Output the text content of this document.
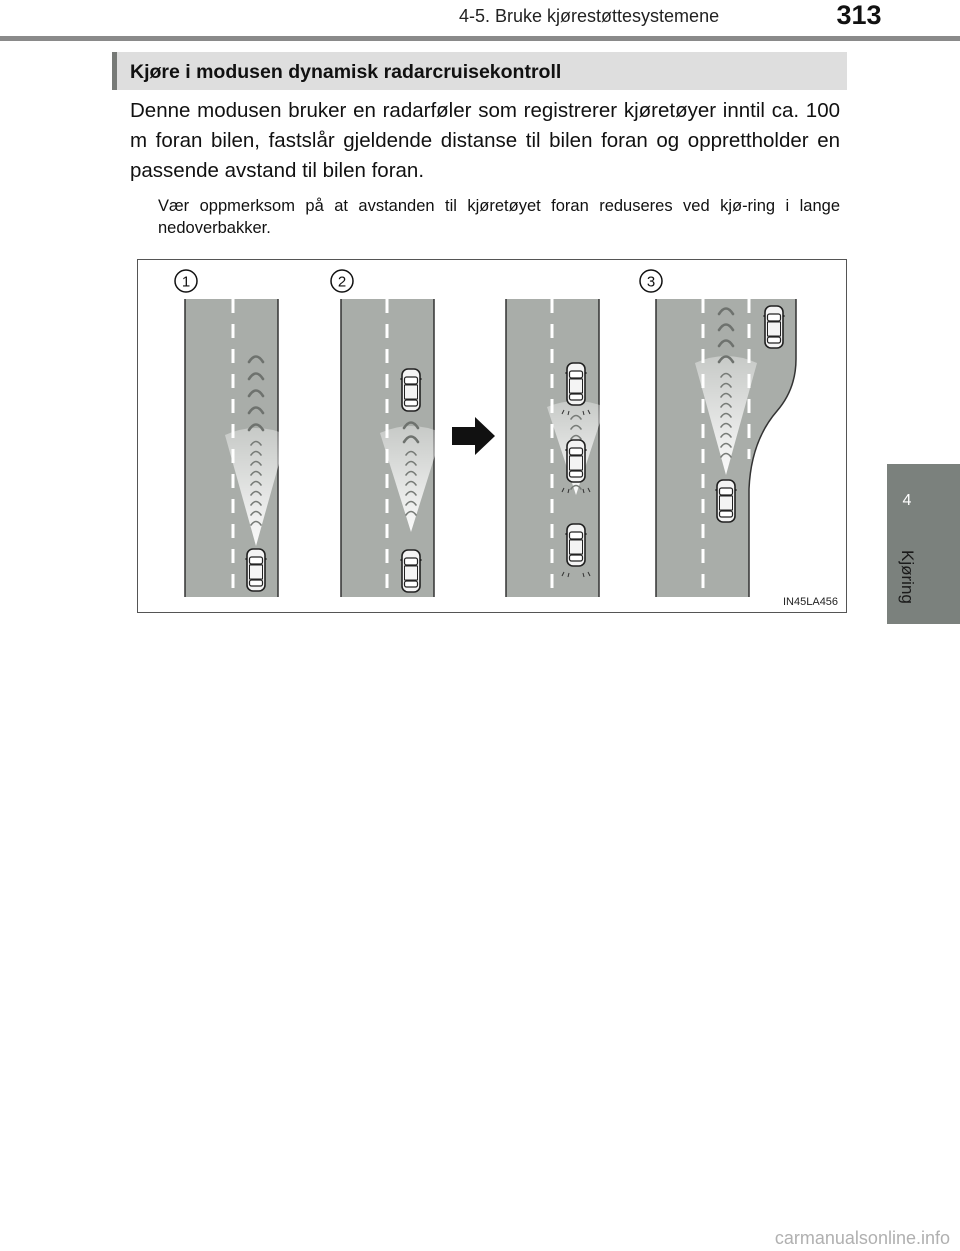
4-5. Bruke kjørestøttesystemene	313
4
Kjøring
Kjøre i modusen dynamisk radarcruisekontroll
Denne modusen bruker en radarføler som registrerer kjøretøyer inntil ca. 100 m foran bilen, fastslår gjeldende distanse til bilen foran og opprettholder en passende avstand til bilen foran.
Vær oppmerksom på at avstanden til kjøretøyet foran reduseres ved kjø-ring i lange nedoverbakker.
1	2	3
IN45LA456
carmanualsonline.info
